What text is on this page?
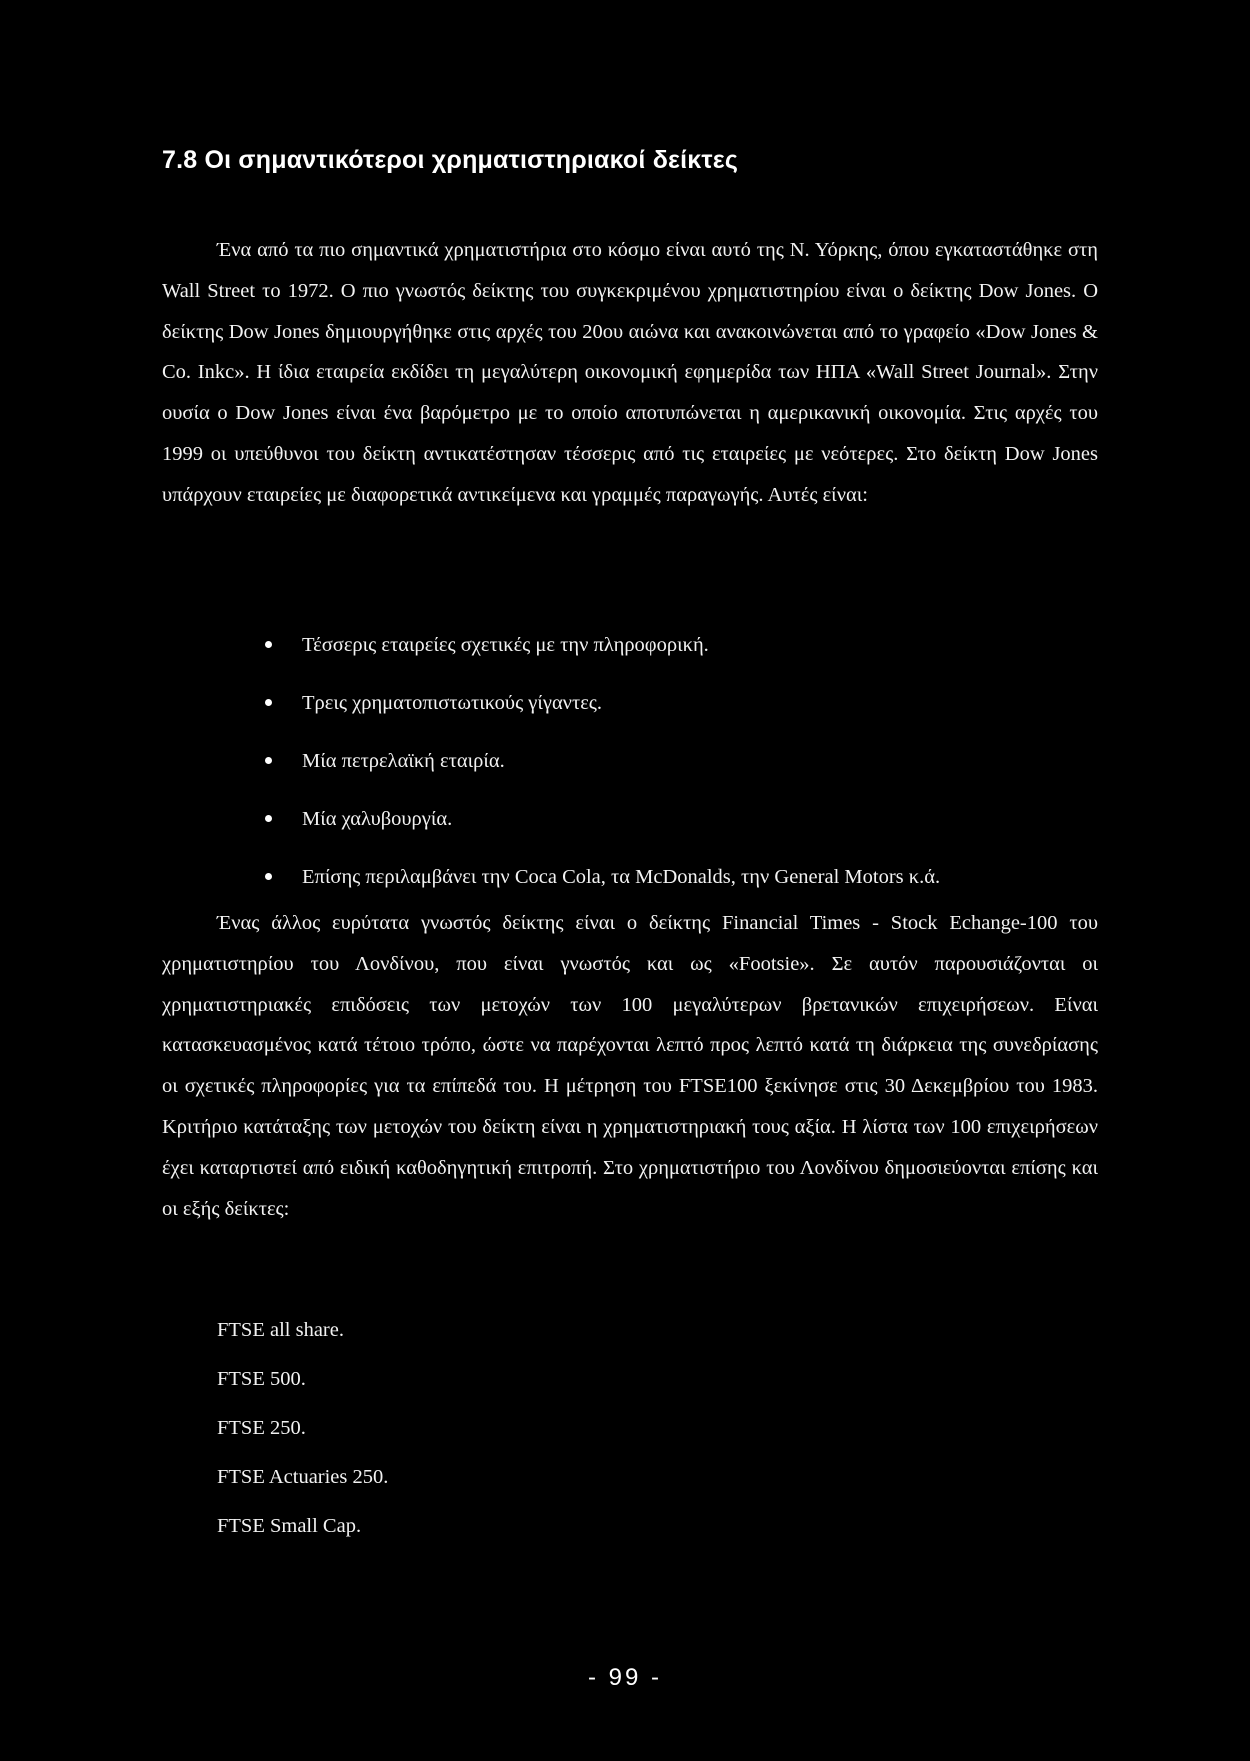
7.8 Οι σημαντικότεροι χρηματιστηριακοί δείκτες

Ένα από τα πιο σημαντικά χρηματιστήρια στο κόσμο είναι αυτό της Ν. Υόρκης, όπου εγκαταστάθηκε στη Wall Street το 1972. Ο πιο γνωστός δείκτης του συγκεκριμένου χρηματιστηρίου είναι ο δείκτης Dow Jones. Ο δείκτης Dow Jones δημιουργήθηκε στις αρχές του 20ου αιώνα και ανακοινώνεται από το γραφείο «Dow Jones & Co. Inkc». Η ίδια εταιρεία εκδίδει τη μεγαλύτερη οικονομική εφημερίδα των ΗΠΑ «Wall Street Journal». Στην ουσία ο Dow Jones είναι ένα βαρόμετρο με το οποίο αποτυπώνεται η αμερικανική οικονομία. Στις αρχές του 1999 οι υπεύθυνοι του δείκτη αντικατέστησαν τέσσερις από τις εταιρείες με νεότερες. Στο δείκτη Dow Jones υπάρχουν εταιρείες με διαφορετικά αντικείμενα και γραμμές παραγωγής. Αυτές είναι:

Τέσσερις εταιρείες σχετικές με την πληροφορική.
Τρεις χρηματοπιστωτικούς γίγαντες.
Μία πετρελαϊκή εταιρία.
Μία χαλυβουργία.
Επίσης περιλαμβάνει την Coca Cola, τα McDonalds, την General Motors κ.ά.

Ένας άλλος ευρύτατα γνωστός δείκτης είναι ο δείκτης Financial Times - Stock Echange-100 του χρηματιστηρίου του Λονδίνου, που είναι γνωστός και ως «Footsie». Σε αυτόν παρουσιάζονται οι χρηματιστηριακές επιδόσεις των μετοχών των 100 μεγαλύτερων βρετανικών επιχειρήσεων. Είναι κατασκευασμένος κατά τέτοιο τρόπο, ώστε να παρέχονται λεπτό προς λεπτό κατά τη διάρκεια της συνεδρίασης οι σχετικές πληροφορίες για τα επίπεδά του. Η μέτρηση του FTSE100 ξεκίνησε στις 30 Δεκεμβρίου του 1983. Κριτήριο κατάταξης των μετοχών του δείκτη είναι η χρηματιστηριακή τους αξία. Η λίστα των 100 επιχειρήσεων έχει καταρτιστεί από ειδική καθοδηγητική επιτροπή. Στο χρηματιστήριο του Λονδίνου δημοσιεύονται επίσης και οι εξής δείκτες:

FTSE all share.
FTSE 500.
FTSE 250.
FTSE Actuaries 250.
FTSE Small Cap.
- 99 -
